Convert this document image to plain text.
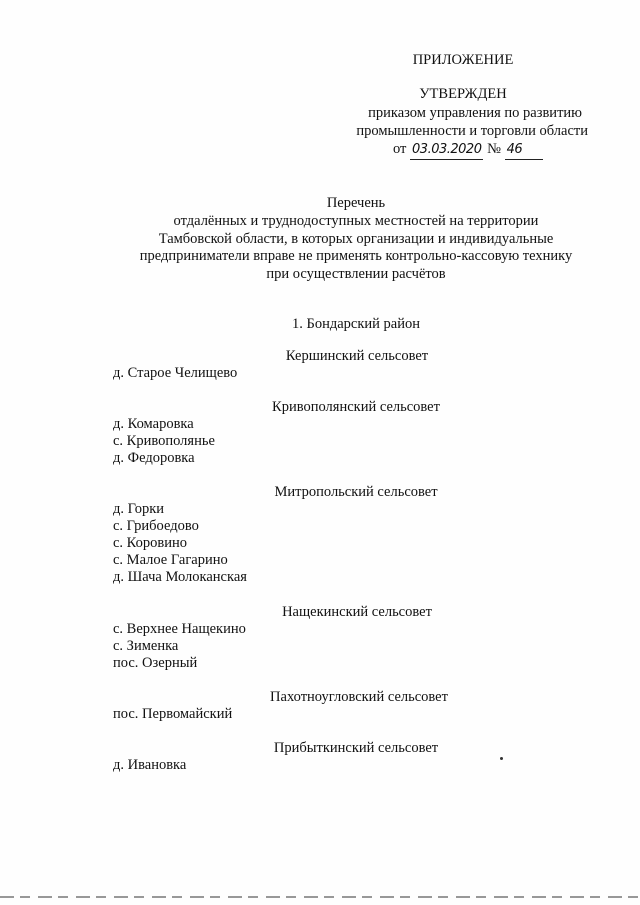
ПРИЛОЖЕНИЕ
УТВЕРЖДЕН
приказом управления по развитию
промышленности и торговли области
от 03.03.2020 № 46
Перечень
отдалённых и труднодоступных местностей на территории
Тамбовской области, в которых организации и индивидуальные
предприниматели вправе не применять контрольно-кассовую технику
при осуществлении расчётов
1. Бондарский район
Кершинский сельсовет
д. Старое Челищево
Кривополянский сельсовет
д. Комаровка
с. Кривополянье
д. Федоровка
Митропольский сельсовет
д. Горки
с. Грибоедово
с. Коровино
с. Малое Гагарино
д. Шача Молоканская
Нащекинский сельсовет
с. Верхнее Нащекино
с. Зименка
пос. Озерный
Пахотноугловский сельсовет
пос. Первомайский
Прибыткинский сельсовет
д. Ивановка
